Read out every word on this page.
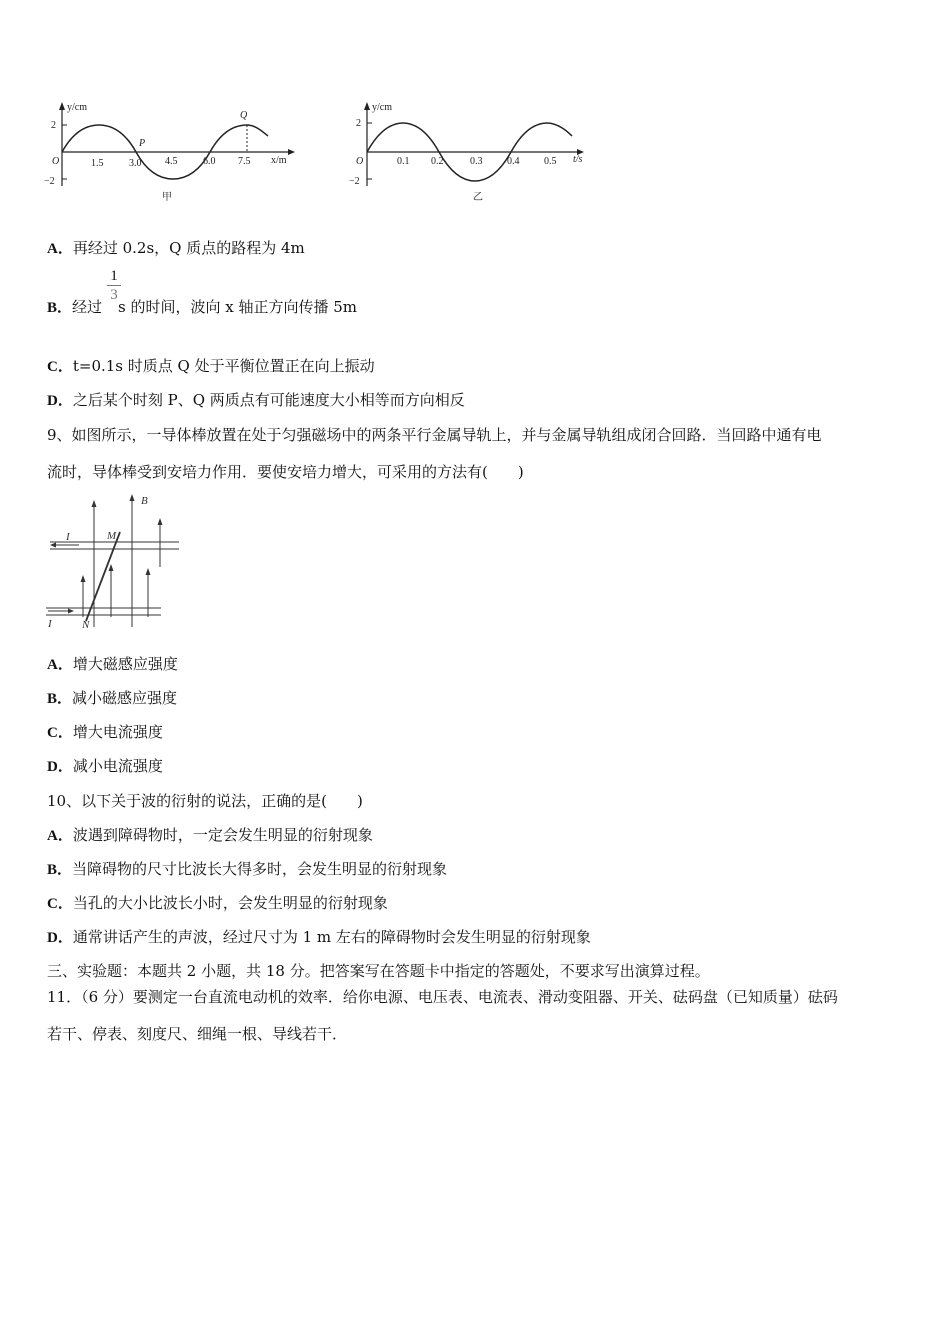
y/cm
x/m
2
−2
O	1.5	3.0 4.5	6.0 7.5
P
Q
甲
y/cm
t/s
2
−2
O	0.1 0.2	0.3 0.4 0.5
乙
A．再经过 0.2s，Q 质点的路程为 4m
1
3
B．经过 s 的时间，波向 x 轴正方向传播 5m
C．t=0.1s 时质点 Q 处于平衡位置正在向上振动
D．之后某个时刻 P、Q 两质点有可能速度大小相等而方向相反
9、如图所示，一导体棒放置在处于匀强磁场中的两条平行金属导轨上，并与金属导轨组成闭合回路．当回路中通有电
流时，导体棒受到安培力作用．要使安培力增大，可采用的方法有(　　)
B
I
I
M
N
A．增大磁感应强度
B．减小磁感应强度
C．增大电流强度
D．减小电流强度
10、以下关于波的衍射的说法，正确的是(　　)
A．波遇到障碍物时，一定会发生明显的衍射现象
B．当障碍物的尺寸比波长大得多时，会发生明显的衍射现象
C．当孔的大小比波长小时，会发生明显的衍射现象
D．通常讲话产生的声波，经过尺寸为 1 m 左右的障碍物时会发生明显的衍射现象
三、实验题：本题共 2 小题，共 18 分。把答案写在答题卡中指定的答题处，不要求写出演算过程。
11．（6 分）要测定一台直流电动机的效率．给你电源、电压表、电流表、滑动变阻器、开关、砝码盘（已知质量）砝码
若干、停表、刻度尺、细绳一根、导线若干．
